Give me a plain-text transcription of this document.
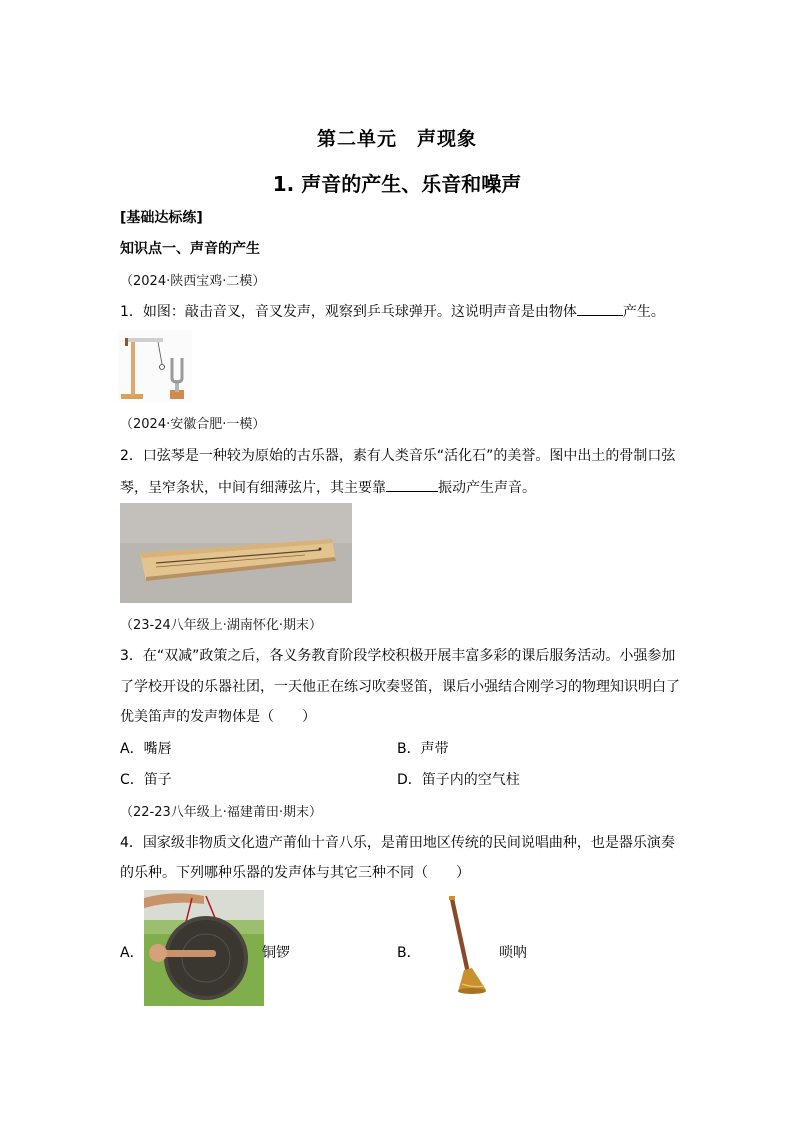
第二单元　声现象
1. 声音的产生、乐音和噪声
[基础达标练]
知识点一、声音的产生
（2024·陕西宝鸡·二模）
1．如图：敲击音叉，音叉发声，观察到乒乓球弹开。这说明声音是由物体	产生。
（2024·安徽合肥·一模）
2．口弦琴是一种较为原始的古乐器，素有人类音乐“活化石”的美誉。图中出土的骨制口弦
琴，呈窄条状，中间有细薄弦片，其主要靠	振动产生声音。
（23-24八年级上·湖南怀化·期末）
3．在“双减”政策之后，各义务教育阶段学校积极开展丰富多彩的课后服务活动。小强参加
了学校开设的乐器社团，一天他正在练习吹奏竖笛，课后小强结合刚学习的物理知识明白了
优美笛声的发声物体是（　　）
A．嘴唇	B．声带
C．笛子	D．笛子内的空气柱
（22-23八年级上·福建莆田·期末）
4．国家级非物质文化遗产莆仙十音八乐，是莆田地区传统的民间说唱曲种，也是器乐演奏
的乐种。下列哪种乐器的发声体与其它三种不同（　　）
A．	铜锣	B．	唢呐
